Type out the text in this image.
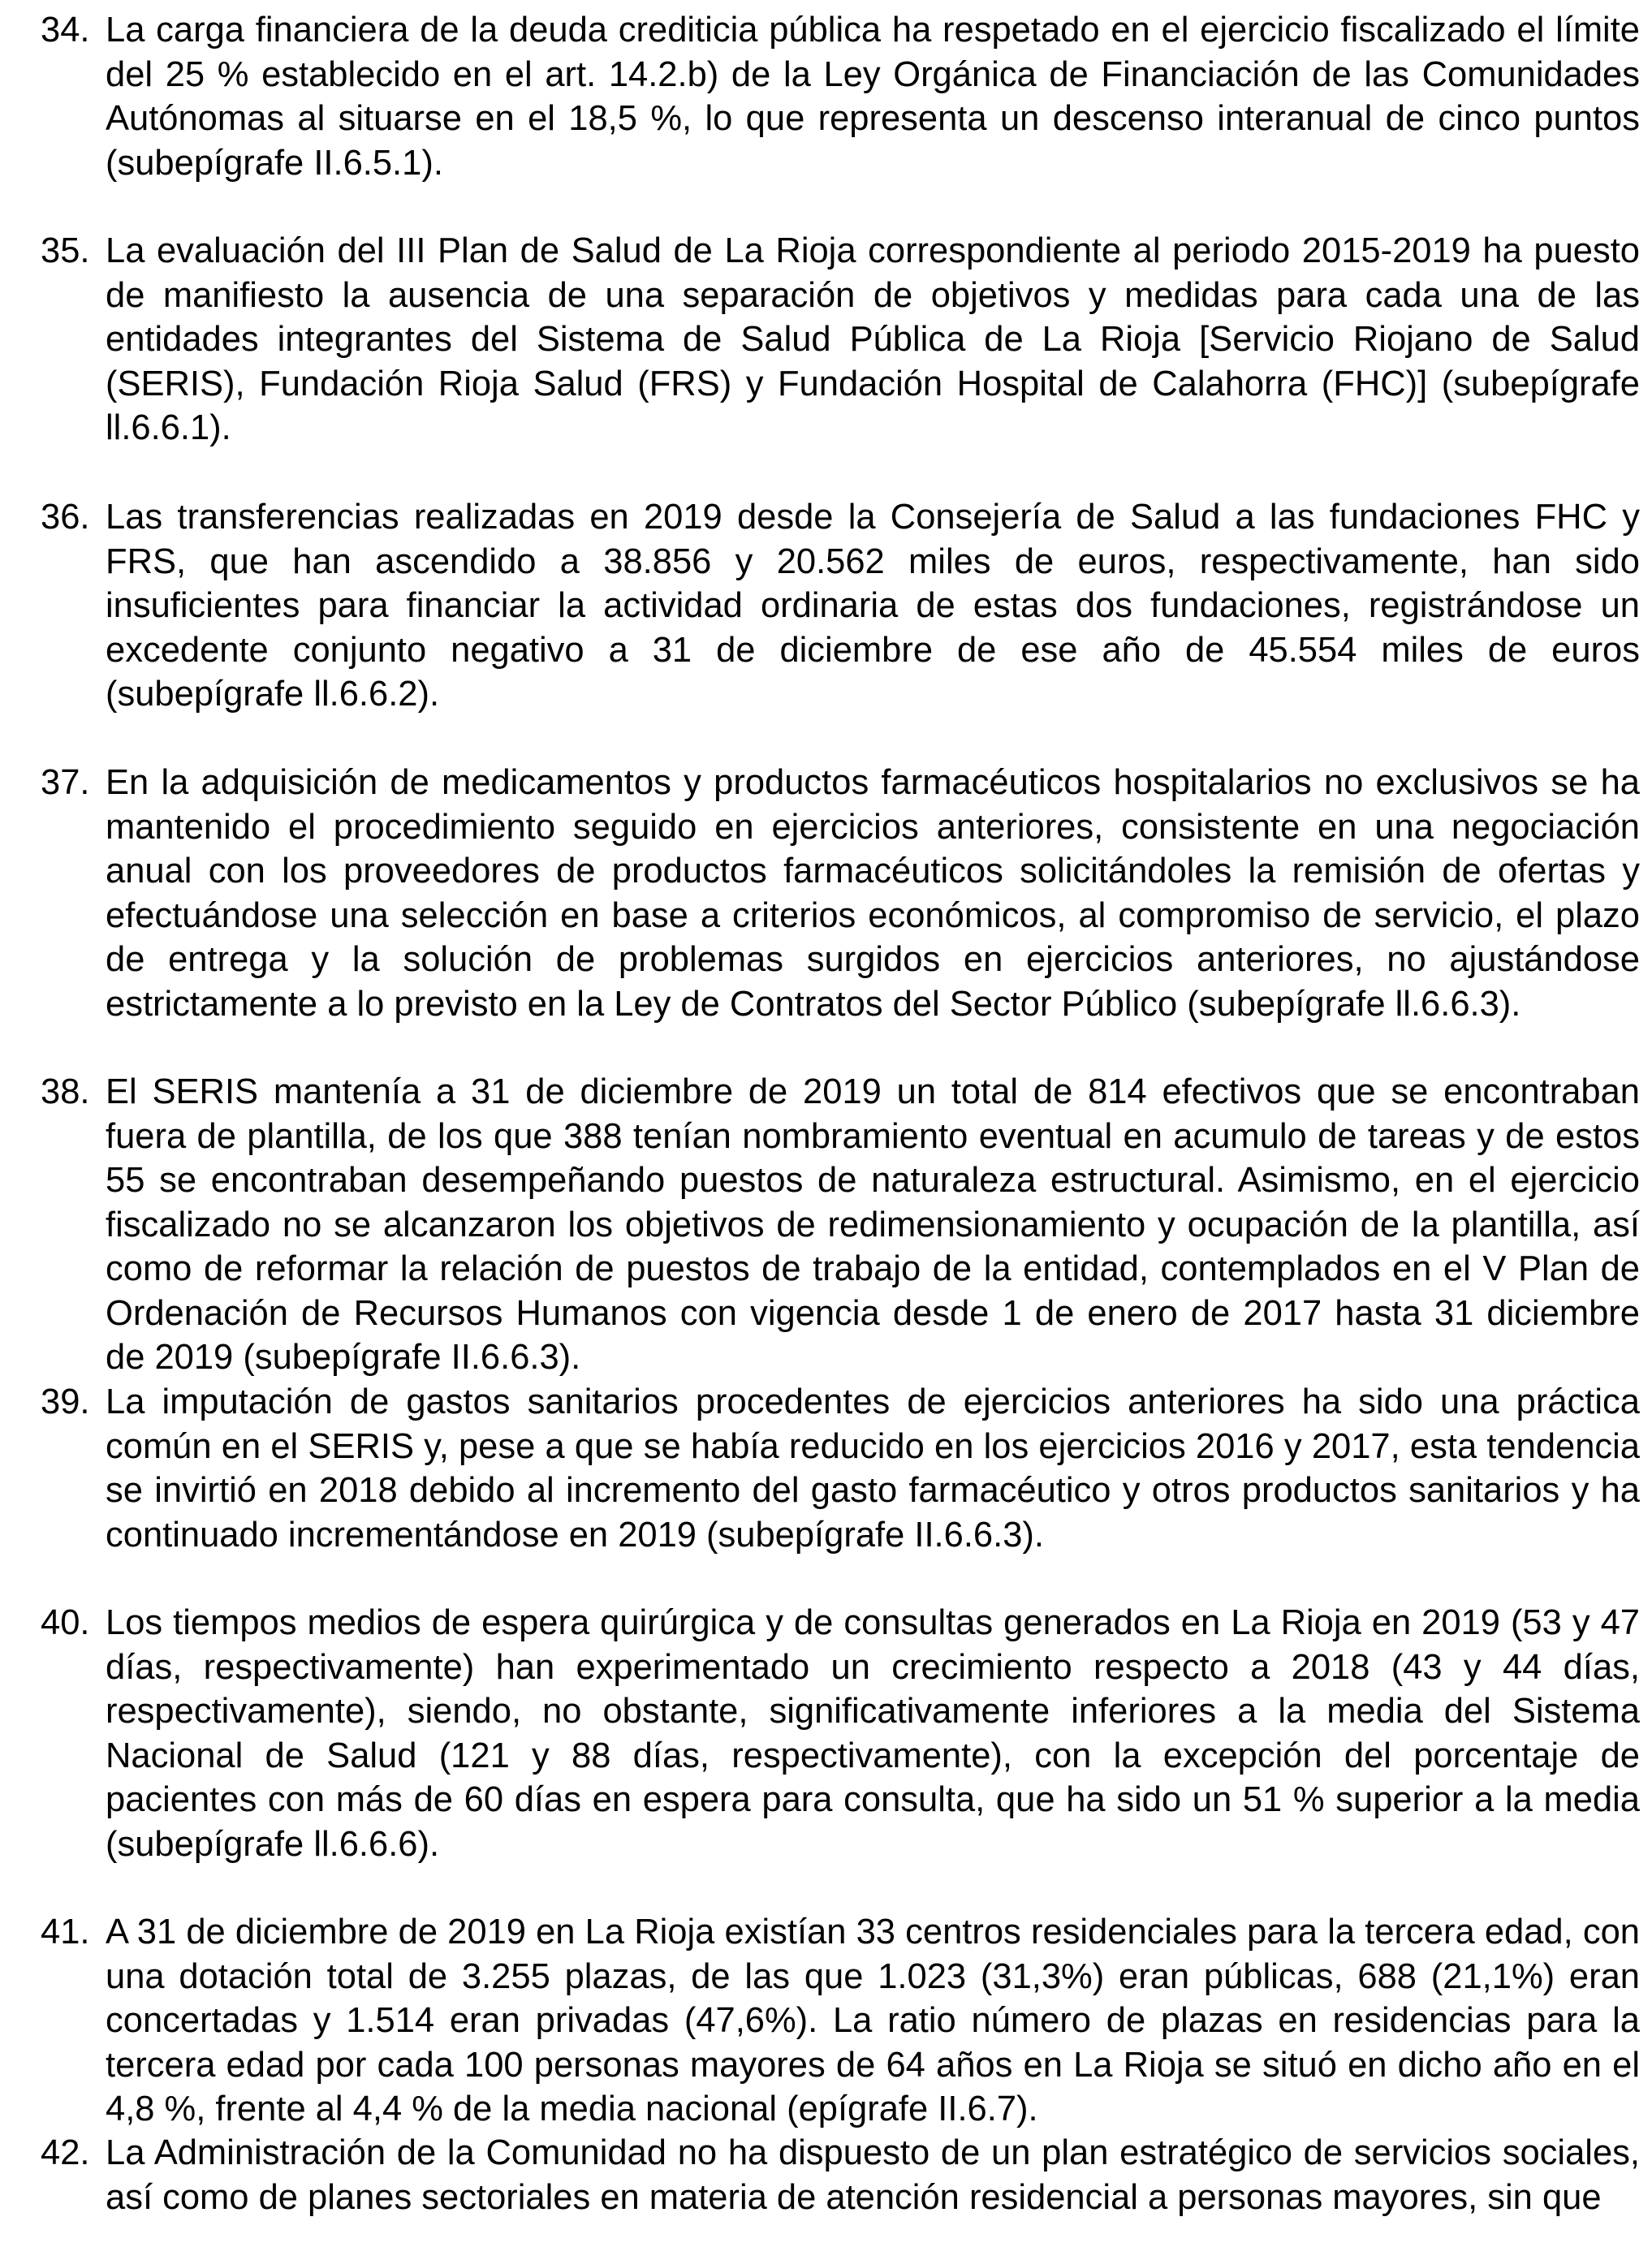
34. La carga financiera de la deuda crediticia pública ha respetado en el ejercicio fiscalizado el límite del 25 % establecido en el art. 14.2.b) de la Ley Orgánica de Financiación de las Comunidades Autónomas al situarse en el 18,5 %, lo que representa un descenso interanual de cinco puntos (subepígrafe II.6.5.1).
35. La evaluación del III Plan de Salud de La Rioja correspondiente al periodo 2015-2019 ha puesto de manifiesto la ausencia de una separación de objetivos y medidas para cada una de las entidades integrantes del Sistema de Salud Pública de La Rioja [Servicio Riojano de Salud (SERIS), Fundación Rioja Salud (FRS) y Fundación Hospital de Calahorra (FHC)] (subepígrafe ll.6.6.1).
36. Las transferencias realizadas en 2019 desde la Consejería de Salud a las fundaciones FHC y FRS, que han ascendido a 38.856 y 20.562 miles de euros, respectivamente, han sido insuficientes para financiar la actividad ordinaria de estas dos fundaciones, registrándose un excedente conjunto negativo a 31 de diciembre de ese año de 45.554 miles de euros (subepígrafe ll.6.6.2).
37. En la adquisición de medicamentos y productos farmacéuticos hospitalarios no exclusivos se ha mantenido el procedimiento seguido en ejercicios anteriores, consistente en una negociación anual con los proveedores de productos farmacéuticos solicitándoles la remisión de ofertas y efectuándose una selección en base a criterios económicos, al compromiso de servicio, el plazo de entrega y la solución de problemas surgidos en ejercicios anteriores, no ajustándose estrictamente a lo previsto en la Ley de Contratos del Sector Público (subepígrafe ll.6.6.3).
38. El SERIS mantenía a 31 de diciembre de 2019 un total de 814 efectivos que se encontraban fuera de plantilla, de los que 388 tenían nombramiento eventual en acumulo de tareas y de estos 55 se encontraban desempeñando puestos de naturaleza estructural. Asimismo, en el ejercicio fiscalizado no se alcanzaron los objetivos de redimensionamiento y ocupación de la plantilla, así como de reformar la relación de puestos de trabajo de la entidad, contemplados en el V Plan de Ordenación de Recursos Humanos con vigencia desde 1 de enero de 2017 hasta 31 diciembre de 2019 (subepígrafe II.6.6.3).
39. La imputación de gastos sanitarios procedentes de ejercicios anteriores ha sido una práctica común en el SERIS y, pese a que se había reducido en los ejercicios 2016 y 2017, esta tendencia se invirtió en 2018 debido al incremento del gasto farmacéutico y otros productos sanitarios y ha continuado incrementándose en 2019 (subepígrafe II.6.6.3).
40. Los tiempos medios de espera quirúrgica y de consultas generados en La Rioja en 2019 (53 y 47 días, respectivamente) han experimentado un crecimiento respecto a 2018 (43 y 44 días, respectivamente), siendo, no obstante, significativamente inferiores a la media del Sistema Nacional de Salud (121 y 88 días, respectivamente), con la excepción del porcentaje de pacientes con más de 60 días en espera para consulta, que ha sido un 51 % superior a la media (subepígrafe ll.6.6.6).
41. A 31 de diciembre de 2019 en La Rioja existían 33 centros residenciales para la tercera edad, con una dotación total de 3.255 plazas, de las que 1.023 (31,3%) eran públicas, 688 (21,1%) eran concertadas y 1.514 eran privadas (47,6%). La ratio número de plazas en residencias para la tercera edad por cada 100 personas mayores de 64 años en La Rioja se situó en dicho año en el 4,8 %, frente al 4,4 % de la media nacional (epígrafe II.6.7).
42. La Administración de la Comunidad no ha dispuesto de un plan estratégico de servicios sociales, así como de planes sectoriales en materia de atención residencial a personas mayores, sin que
